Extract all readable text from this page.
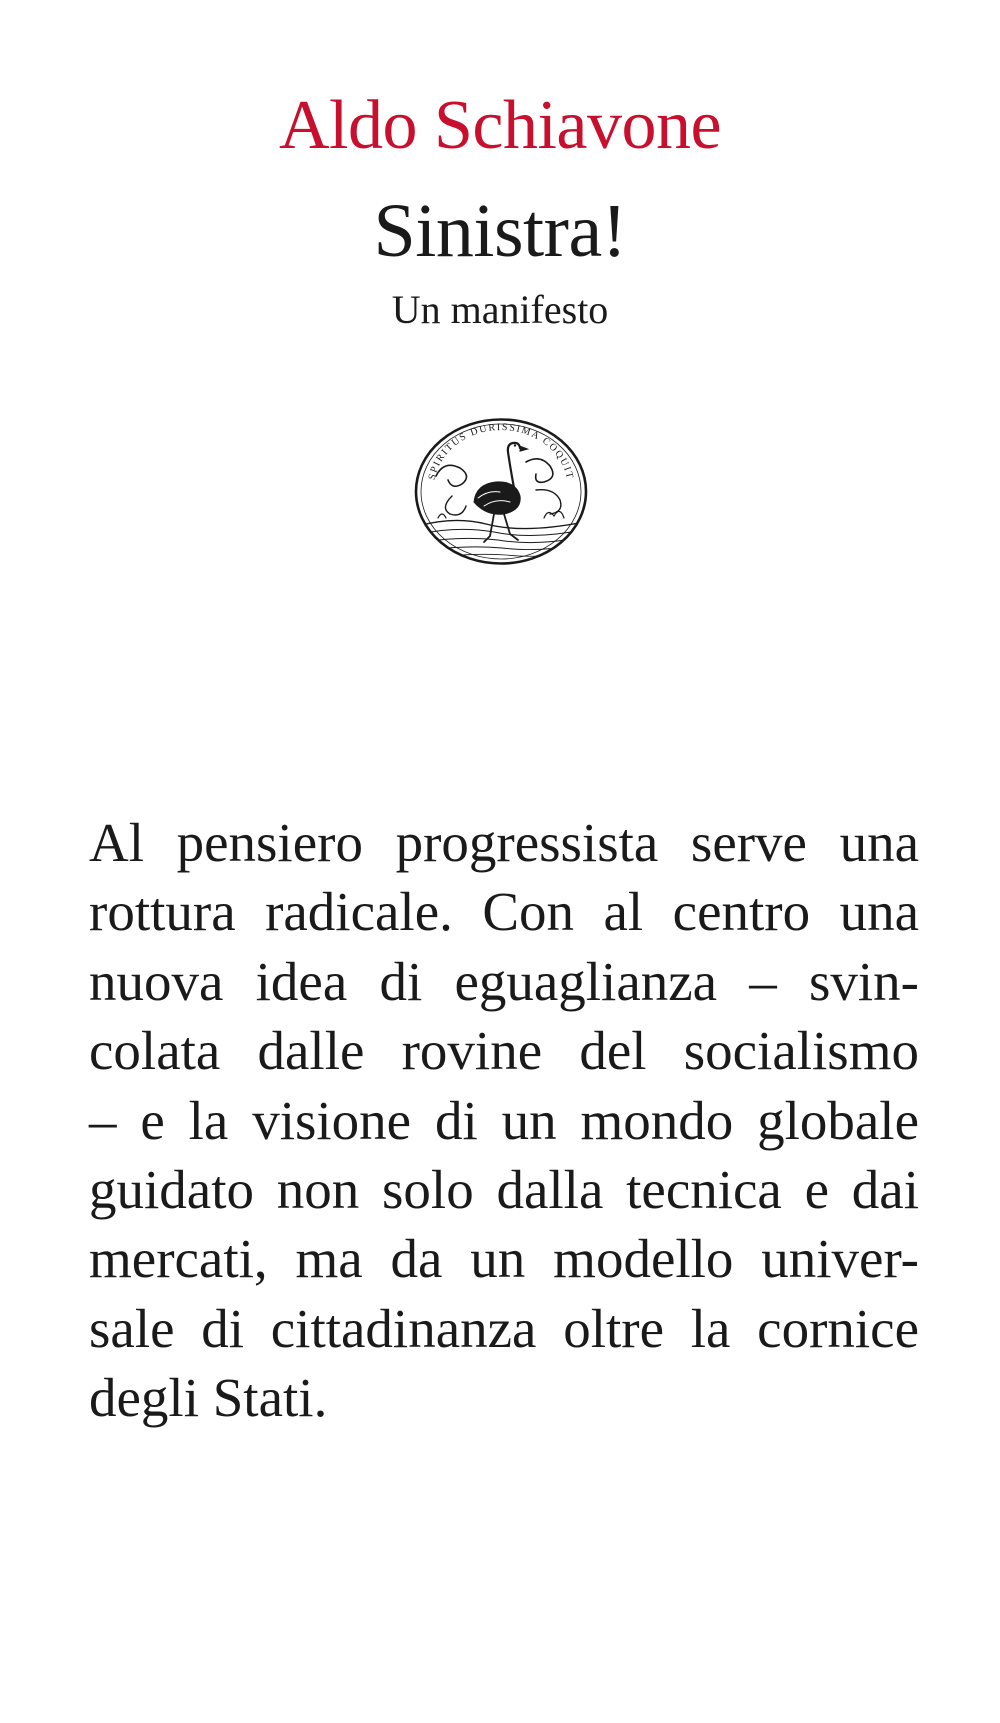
Aldo Schiavone
Sinistra!
Un manifesto
SPIRITUS DURISSIMA COQUIT
Al pensiero progressista serve una
rottura radicale. Con al centro una
nuova idea di eguaglianza – svin-
colata dalle rovine del socialismo
– e la visione di un mondo globale
guidato non solo dalla tecnica e dai
mercati, ma da un modello univer-
sale di cittadinanza oltre la cornice
degli Stati.
